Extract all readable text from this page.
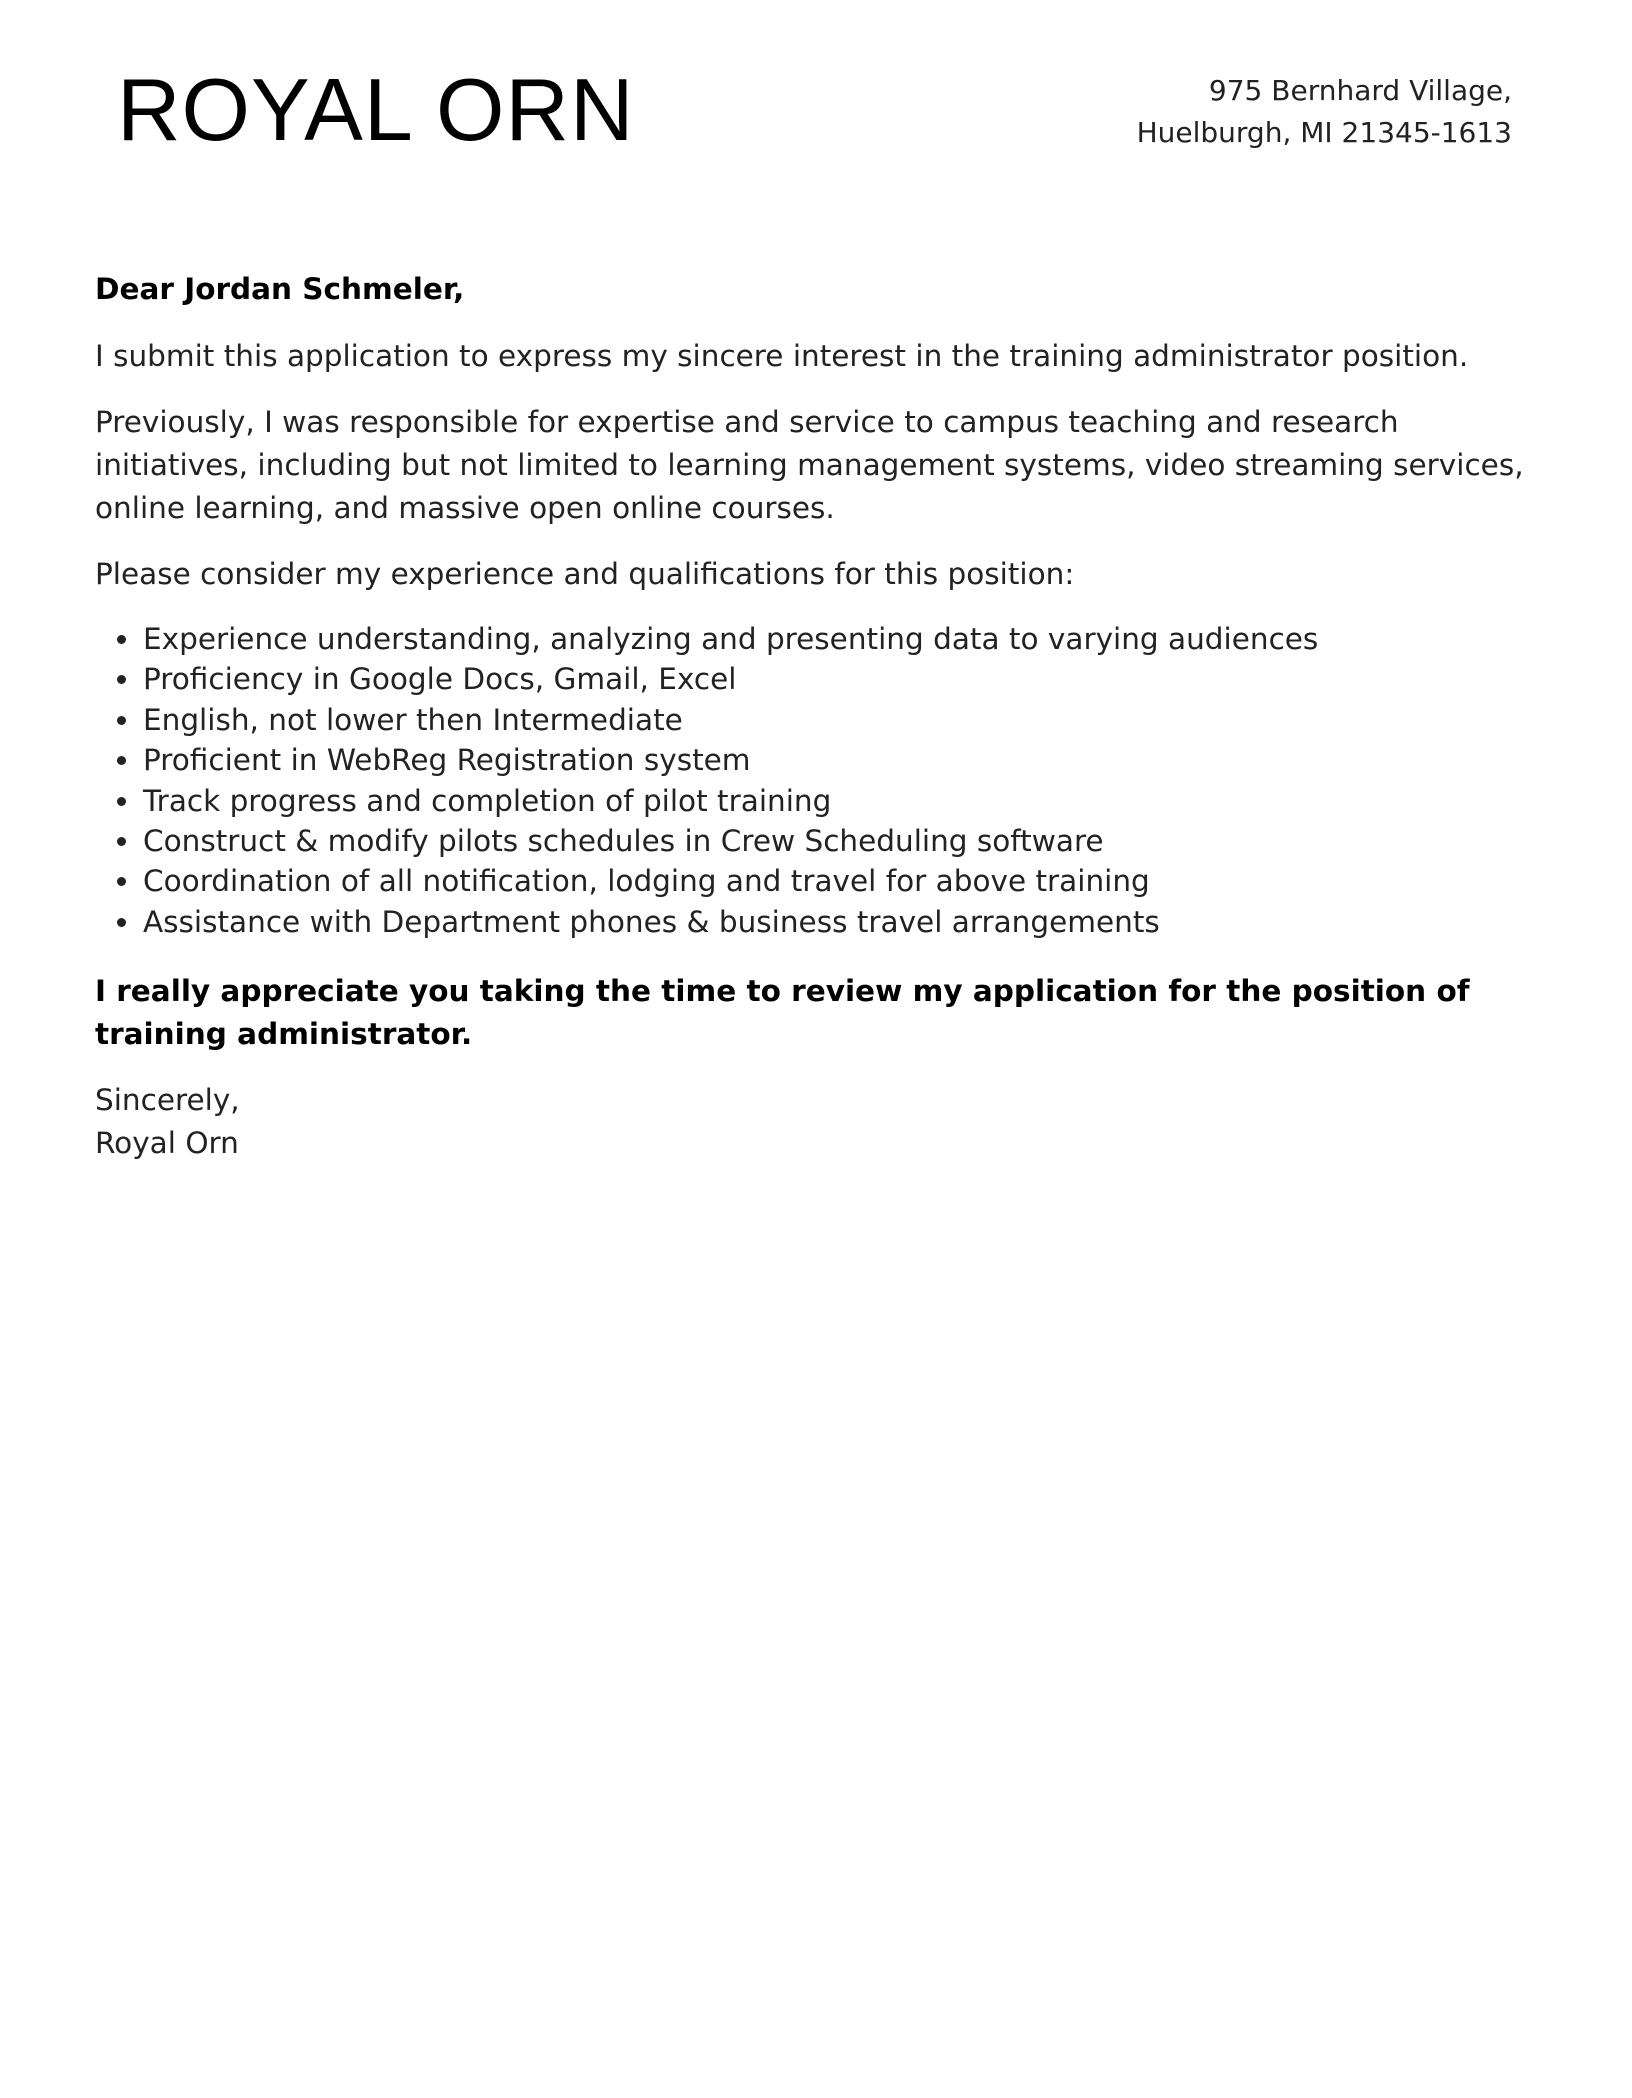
ROYAL ORN	975 Bernhard Village,
Huelburgh, MI 21345-1613

Dear Jordan Schmeler,

I submit this application to express my sincere interest in the training administrator position.

Previously, I was responsible for expertise and service to campus teaching and research initiatives, including but not limited to learning management systems, video streaming services, online learning, and massive open online courses.

Please consider my experience and qualifications for this position:

Experience understanding, analyzing and presenting data to varying audiences
Proficiency in Google Docs, Gmail, Excel
English, not lower then Intermediate
Proficient in WebReg Registration system
Track progress and completion of pilot training
Construct & modify pilots schedules in Crew Scheduling software
Coordination of all notification, lodging and travel for above training
Assistance with Department phones & business travel arrangements

I really appreciate you taking the time to review my application for the position of training administrator.

Sincerely,
Royal Orn
